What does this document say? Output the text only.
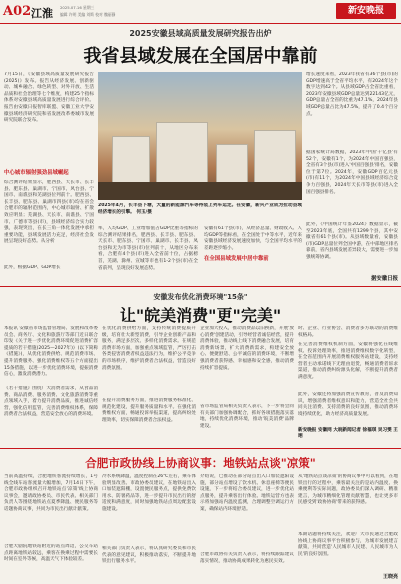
A02 江淮 2025.07.16 星期三
编辑 许明 美编 刘斯 校对 魏丽静	新安晚报
2025安徽县域高质量发展研究报告出炉
我省县域发展在全国居中靠前
7月15日，《安徽县域高质量发展研究报告(2025)》发布。报告从经济发展、创新驱动、城乡融合、绿色转型、对外开放、生活品质和社会治理等七个维度，构建25个指标体系对安徽县域高质量发展进行综合评价。报告由安徽日报智库联盟、安徽工业大学安徽县域经济研究院和省发展改革委城市发展研究院联合发布。
中心城市辐射强劲县域崛起
综合测评结果显示，肥西县、天长市、长丰县、肥东县、巢湖市、宁国市、风台县、宁国市、南谯县和芜湖县位列前十。肥西县、长丰县、肥东县、巢湖市四县(市)均在省会合肥市的辐射范围内，中心城市辐射、扩散效应明显；芜湖县、天长市、南谯县、宁国市、广德市等县(市)，县域经济综合实力较强，表现突出，在长三角一体化发展中承担重要功能，县域发展活力充足，经济社会发展呈现良好态势。从分析
此外，根据GDP、GDP增长
2025年4月，长丰县下塘，大量的新能源汽车等待装上列车运走。在安徽，新兴产业成为拉动县域经济增长的引擎。 何玉/摄
率，人均GDP、工业增加值占GDP比重等指标的综合测评结果排名，肥西县、长丰县、肥东县、天长市、肥东县、宁国市、巢湖市、长丰县、凤台县和无为市等县(市)位列前十，从地区分布来看，合肥有4个县(市)进入全省前十位，占据榜首，芜湖、滁州、宣城等市也有1-2个县(市)在全省前列，呈现良好发展态势。
安徽有61个县(市)，从经济总量、财政收入、人均GDP等指标看，在全国处于中等水平，近年来安徽县域经济发展速度加快，与全国平均水平的差距逐步缩小。
在全国县域发展中居中靠前
增长速度来看，2023年我省有36个县(市)的GDP增速高于全省平均水平，有2024年这个数字达到42个。从县域GDP占全省比重看，2023年安徽县域GDP总量达到22143亿元，GDP总量占全省的比重为47.1%，2024年县域GDP总量占比为47.5%，提升了0.4个百分点。
据国家统计局数据，2023年中国'千亿县'有52个，安徽有1个，为2024年中国百强县，全省有3个县(市)进入'中国百强县'排名，安徽位于第7位。2024年，安徽GDP百亿元县(市)有11个，为2024年中国县域经济综合竞争力百强县，2024年天长市等县(市)进入全国百强县排名。
此外，《中国统计年鉴2024》数据显示，截至2023年底，全国共有1299个县，其中安徽省有61个县(市)。从县域数量看，安徽县(市)GDP总量位列全国中游，在中部地区排名靠前，省内县域发展差异较大，需要进一步加强统筹协调。
据安徽日报
安徽发布优化消费环境"15条"
让"皖美消费"更"完美"
本报讯 安徽省市场监督管理局、发展和改革委员会、商务厅、文化和旅游厅等部门近日联合印发《关于进一步优化消费环境促进消费扩容提质的若干措施(2025—2027年)》(以下简称《措施》)，从优化消费供给、规范消费市场、提升消费服务、强化消费维权等五个方面提出15条措施，以进一步优化消费环境，提振消费信心，激发消费潜力。
《若干措施》围绕广大消费者需求，从食品消费、商品消费、服务消费、文化旅游消费等重点领域入手，着力提升消费品质，推进诚信经营，强化信用监管，完善消费维权体系，保障消费者合法权益，营造安全放心的消费环境。
在优化消费供给方面，支持传统消费提质升级，培育壮大新型消费，引导企业创新产品和服务，满足多层次、多样化消费需求。在规范消费市场方面，加强重点领域监管，严厉打击各类侵害消费者权益违法行为，维护公平竞争的市场秩序，维护消费者合法权益，营造良好消费氛围。
在提升消费服务方面，推进消费服务标准化、规范化建设，提升服务质量和水平。在强化消费维权方面，畅通投诉举报渠道，提高纠纷处理效率，切实保障消费者合法权益。
企业加大投入，推动消费品以旧换新，开展'放心消费'创建活动，引导经营者诚信经营，提升消费体验，推动线上线下消费融合发展，培育消费新场景，扩大消费新需求，构建安全放心、便捷舒适、公平诚信的消费环境，不断增强消费者获得感、幸福感和安全感，推动消费持续扩容提质。
省市场监管局相关负责人表示，下一步将会同有关部门加强协调配合，抓好各项措施落实落地，持续优化消费环境，推动'皖美消费'品牌建设。
时、企业、行业协会、消费者多方联动的消费维权格局。
在完善消费维权机制方面，安徽将强化在线维权、投诉处理效率，推进消费维权数字化转型，在全省范围内开展消费维权服务站建设，支持经营者主动承诺线下无理由退货，畅通消费者诉求渠道，推动消费纠纷源头化解，不断提升消费者满意度。
此外，安徽还将加强消费宣传教育，普及消费知识，增强消费者维权意识和能力，营造全社会共同关注消费、支持消费的良好氛围，推动消费环境持续优化，助力经济高质量发展。
新安晚报 安徽网 大皖新闻记者 徐福琪 吴习雯 王翊
合肥市政协线上协商议事：地铁站点谈"凉策"
当前高温持续，合肥地铁客流持续增长，1号线全线车站客流量大幅增加，7月14日下午，合肥市政协组织召开地铁站点'凉策'线上协商议事会，邀请政协委员、市民代表、相关部门负责人等围绕地铁站点夏季降温、便民服务等话题协商议事，共同为市民出行献计献策。
合肥大剧院地铁站附近的站点周边，公交车站点距离地铁站较远，乘客在换乘过程中需要长时间在室外等候，高温天气下体验较差。
冷水系统降温，温度控制在26℃左右，乘车体验明显改善。市政协委员建议，在地铁站出入口加装遮阳棚，设置便民服务点，提供免费饮用水、防暑药品等，进一步提升市民出行的舒适度和满意度，同时加强地铁站点周边配套设施建设。
相关部门负责人表示，将认真研究委员和市民代表的意见建议，积极推动落实，不断提升地铁出行服务水平。
介绍说，已推动在部分站点出入口加装遮阳设施，部分站点增设了饮水机、休息座椅等便民设施，下一步将结合委员建议，进一步优化站点服务，提升乘客出行体验。地铁运营方也表示将加强站内温度监测，合理调整空调运行方案，确保站内环境舒适。
合肥市政协有关负责人表示，将持续跟踪建议落实情况，推动协商成果转化为惠民实效。
从'地铁站点谈凉策'的协商议事中可以看到，在地铁出行的过程中，乘客最关注的是站内温度、换乘便利等实际问题，政协委员们深入调研、精准建言，为城市精细化管理贡献智慧，也让更多市民感受到'政协协商'带来的获得感。
本期话题将持续关注，欢迎广大市民通过合肥政协线上协商议事平台积极参与，为城市发展建言献策，共同营造'人民城市人民建、人民城市为人民'的良好氛围。
王晓亮
